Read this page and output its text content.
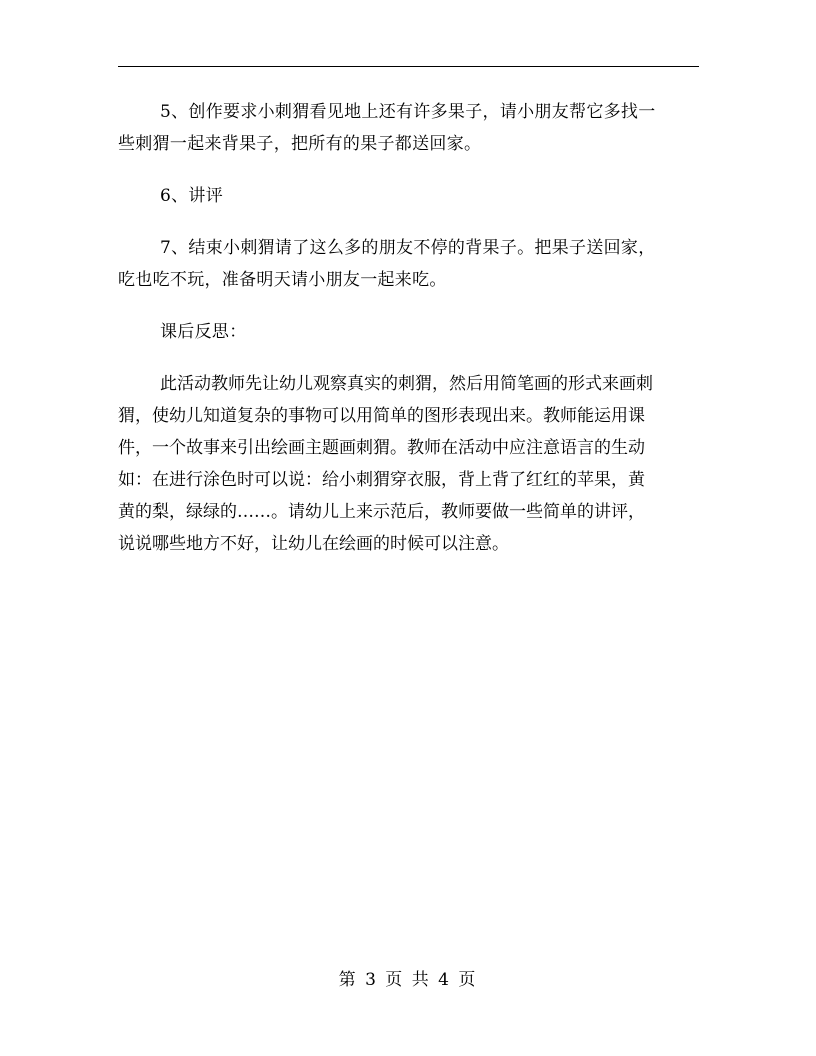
5、创作要求小刺猬看见地上还有许多果子，请小朋友帮它多找一
些刺猬一起来背果子，把所有的果子都送回家。

6、讲评

7、结束小刺猬请了这么多的朋友不停的背果子。把果子送回家，
吃也吃不玩，准备明天请小朋友一起来吃。

课后反思：

此活动教师先让幼儿观察真实的刺猬，然后用简笔画的形式来画刺
猬，使幼儿知道复杂的事物可以用简单的图形表现出来。教师能运用课
件，一个故事来引出绘画主题画刺猬。教师在活动中应注意语言的生动
如：在进行涂色时可以说：给小刺猬穿衣服，背上背了红红的苹果，黄
黄的梨，绿绿的……。请幼儿上来示范后，教师要做一些简单的讲评，
说说哪些地方不好，让幼儿在绘画的时候可以注意。

第 3 页 共 4 页
